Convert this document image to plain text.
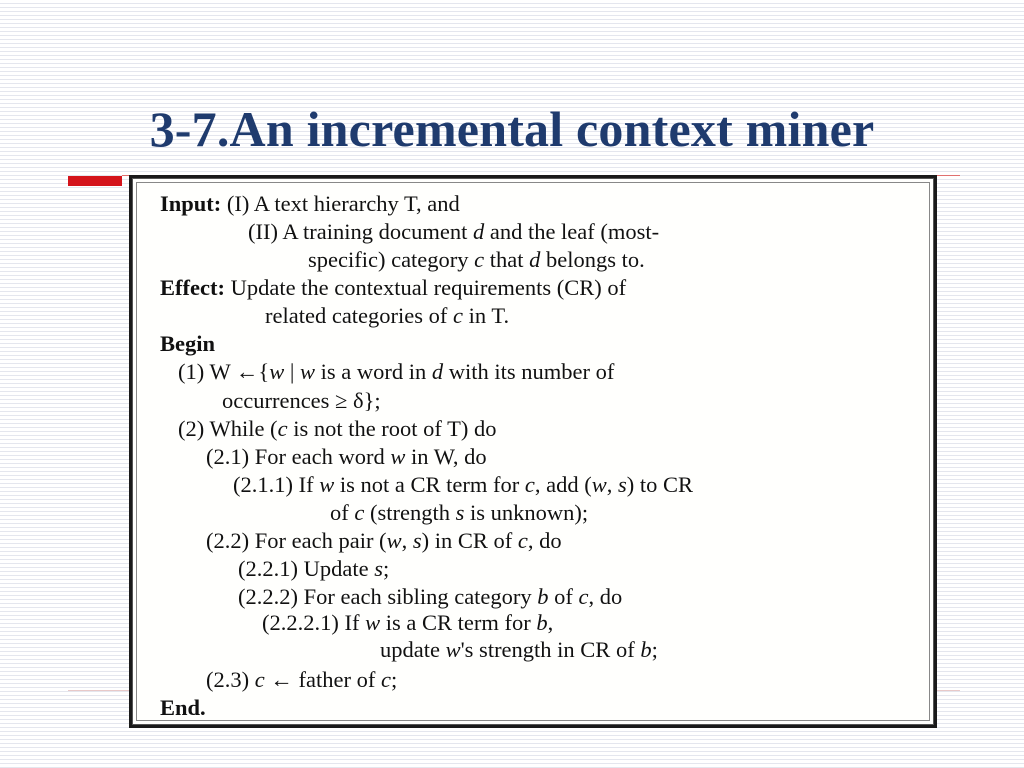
3-7.An incremental context miner
Input: (I) A text hierarchy T, and
(II) A training document d and the leaf (most-
specific) category c that d belongs to.
Effect: Update the contextual requirements (CR) of
related categories of c in T.
Begin
(1) W ←{w | w is a word in d with its number of
occurrences ≥ δ};
(2) While (c is not the root of T) do
(2.1) For each word w in W, do
(2.1.1) If w is not a CR term for c, add (w, s) to CR
of c (strength s is unknown);
(2.2) For each pair (w, s) in CR of c, do
(2.2.1) Update s;
(2.2.2) For each sibling category b of c, do
(2.2.2.1) If w is a CR term for b,
update w's strength in CR of b;
(2.3) c ← father of c;
End.
